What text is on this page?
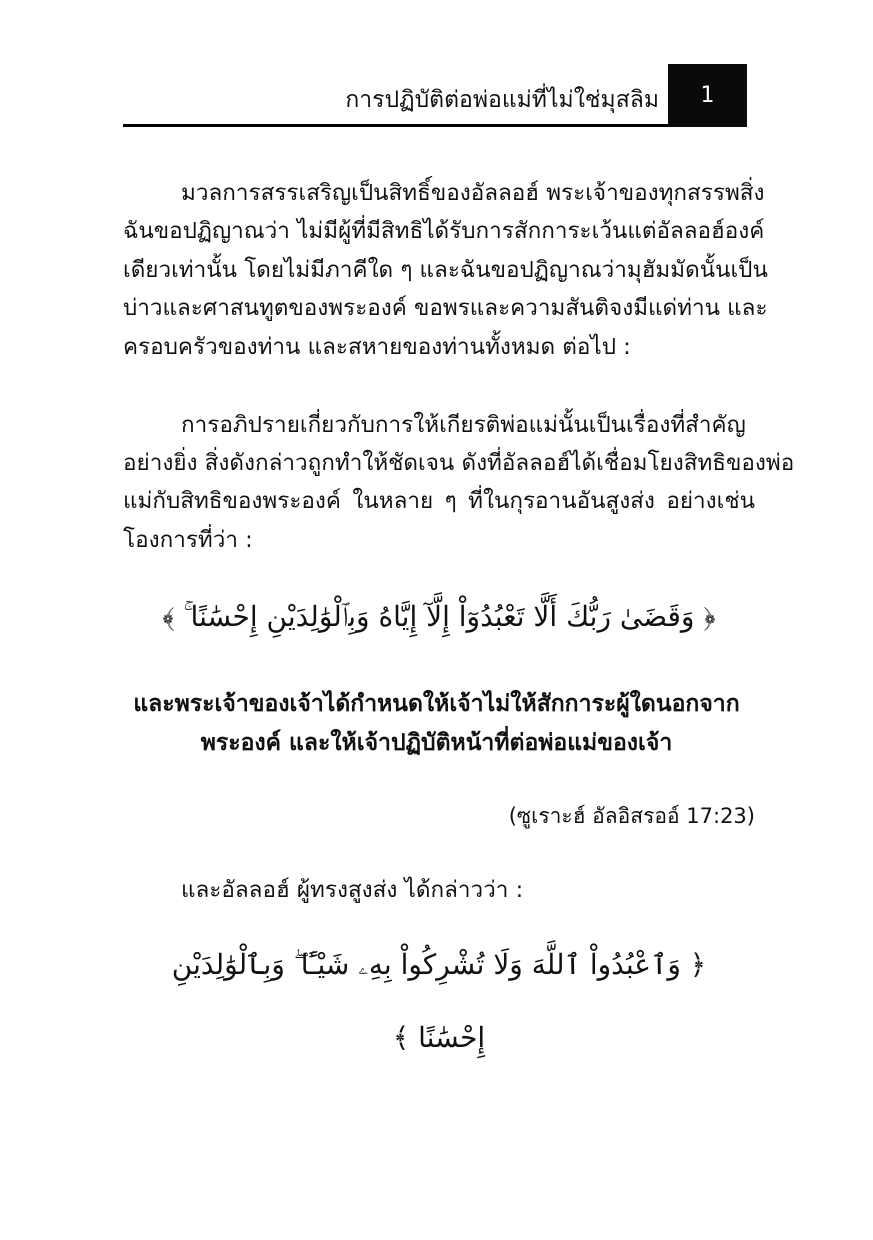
การปฏิบัติต่อพ่อแม่ที่ไม่ใช่มุสลิม 1
มวลการสรรเสริญเป็นสิทธิ์ของอัลลอฮ์ พระเจ้าของทุกสรรพสิ่ง
ฉันขอปฏิญาณว่า ไม่มีผู้ที่มีสิทธิได้รับการสักการะเว้นแต่อัลลอฮ์องค์
เดียวเท่านั้น โดยไม่มีภาคีใด ๆ และฉันขอปฏิญาณว่ามุฮัมมัดนั้นเป็น
บ่าวและศาสนทูตของพระองค์ ขอพรและความสันติจงมีแด่ท่าน และ
ครอบครัวของท่าน และสหายของท่านทั้งหมด ต่อไป :
การอภิปรายเกี่ยวกับการให้เกียรติพ่อแม่นั้นเป็นเรื่องที่สำคัญ
อย่างยิ่ง สิ่งดังกล่าวถูกทำให้ชัดเจน ดังที่อัลลอฮ์ได้เชื่อมโยงสิทธิของพ่อ
แม่กับสิทธิของพระองค์ ในหลาย ๆ ที่ในกุรอานอันสูงส่ง อย่างเช่น
โองการที่ว่า :
﴿ وَقَضَىٰ رَبُّكَ أَلَّا تَعْبُدُوٓاْ إِلَّآ إِيَّاهُ وَبِٱلْوَٰلِدَيْنِ إِحْسَٰنًا ۚ ﴾
และพระเจ้าของเจ้าได้กำหนดให้เจ้าไม่ให้สักการะผู้ใดนอกจาก
พระองค์ และให้เจ้าปฏิบัติหน้าที่ต่อพ่อแม่ของเจ้า
(ซูเราะฮ์ อัลอิสรออ์ 17:23)
และอัลลอฮ์ ผู้ทรงสูงส่ง ได้กล่าวว่า :
﴿ وَٱعْبُدُواْ ٱللَّهَ وَلَا تُشْرِكُواْ بِهِۦ شَيْـًٔا ۖ وَبِٱلْوَٰلِدَيْنِ
إِحْسَٰنًا ﴾
